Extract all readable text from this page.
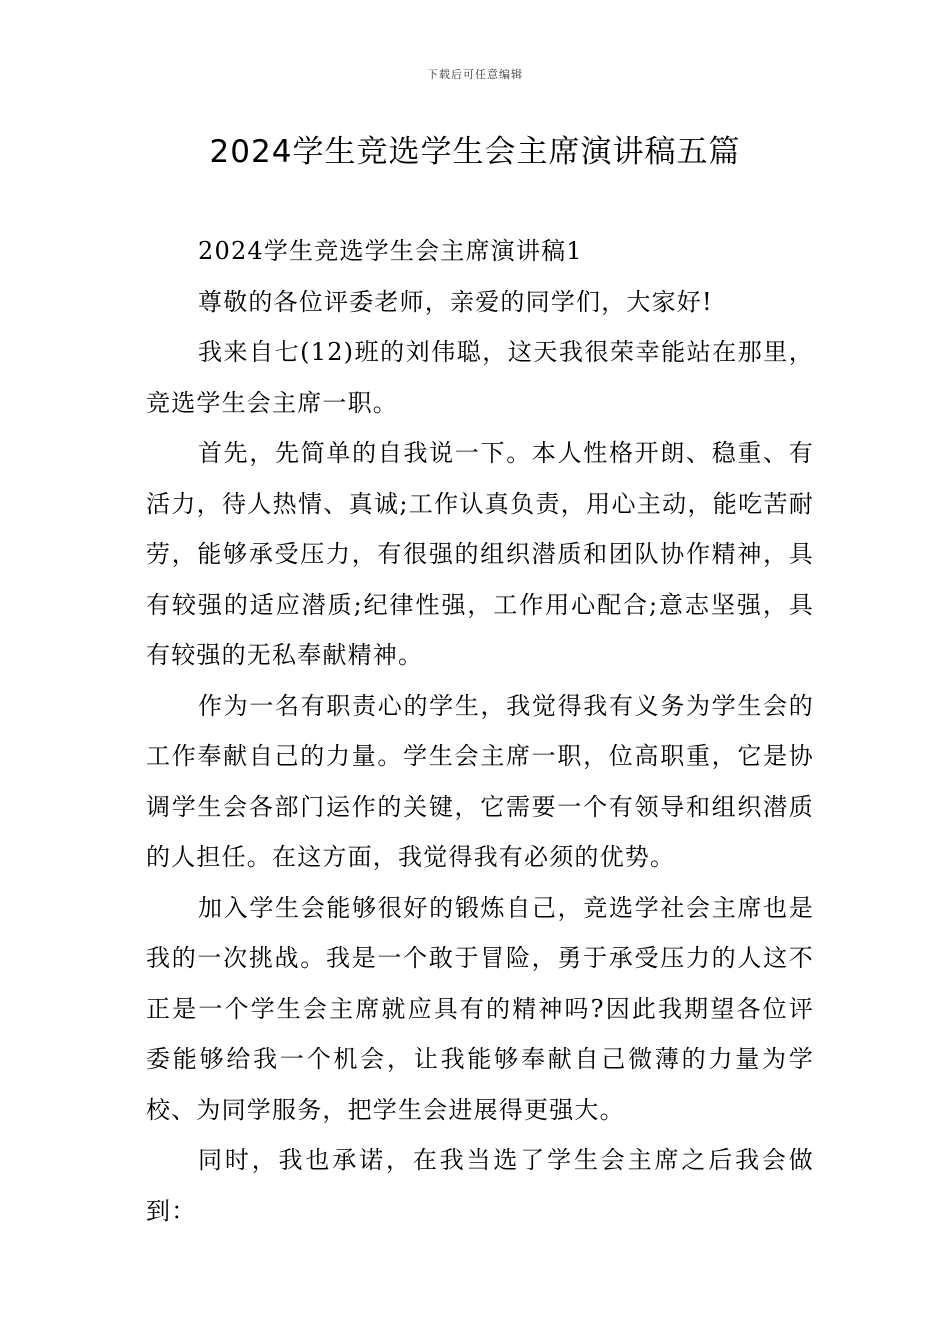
下载后可任意编辑
2024学生竞选学生会主席演讲稿五篇

2024学生竞选学生会主席演讲稿1

尊敬的各位评委老师，亲爱的同学们，大家好!

我来自七(12)班的刘伟聪，这天我很荣幸能站在那里，竞选学生会主席一职。

首先，先简单的自我说一下。本人性格开朗、稳重、有活力，待人热情、真诚;工作认真负责，用心主动，能吃苦耐劳，能够承受压力，有很强的组织潜质和团队协作精神，具有较强的适应潜质;纪律性强，工作用心配合;意志坚强，具有较强的无私奉献精神。

作为一名有职责心的学生，我觉得我有义务为学生会的工作奉献自己的力量。学生会主席一职，位高职重，它是协调学生会各部门运作的关键，它需要一个有领导和组织潜质的人担任。在这方面，我觉得我有必须的优势。

加入学生会能够很好的锻炼自己，竞选学社会主席也是我的一次挑战。我是一个敢于冒险，勇于承受压力的人这不正是一个学生会主席就应具有的精神吗?因此我期望各位评委能够给我一个机会，让我能够奉献自己微薄的力量为学校、为同学服务，把学生会进展得更强大。

同时，我也承诺，在我当选了学生会主席之后我会做到：
